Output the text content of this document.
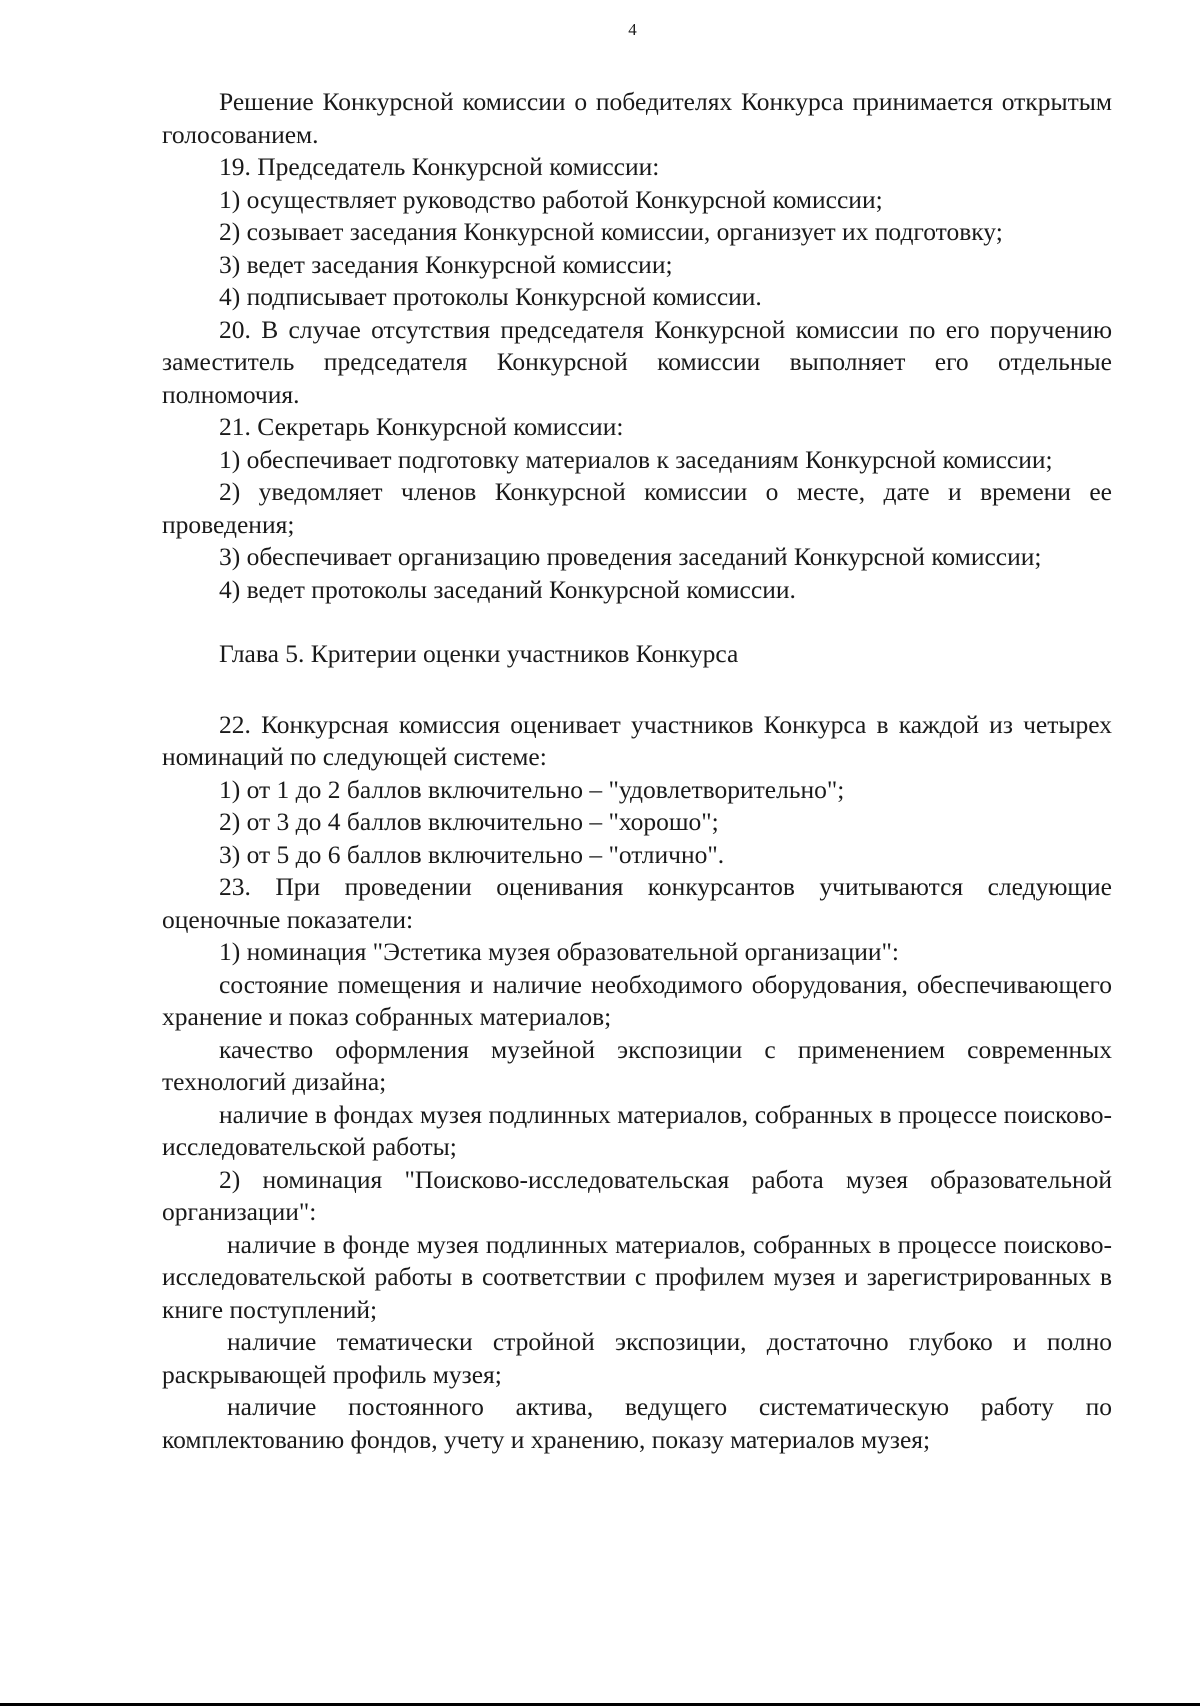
4

Решение Конкурсной комиссии о победителях Конкурса принимается открытым голосованием.

19. Председатель Конкурсной комиссии:

1) осуществляет руководство работой Конкурсной комиссии;

2) созывает заседания Конкурсной комиссии, организует их подготовку;

3) ведет заседания Конкурсной комиссии;

4) подписывает протоколы Конкурсной комиссии.

20. В случае отсутствия председателя Конкурсной комиссии по его поручению заместитель председателя Конкурсной комиссии выполняет его отдельные полномочия.

21. Секретарь Конкурсной комиссии:

1) обеспечивает подготовку материалов к заседаниям Конкурсной комиссии;

2) уведомляет членов Конкурсной комиссии о месте, дате и времени ее проведения;

3) обеспечивает организацию проведения заседаний Конкурсной комиссии;

4) ведет протоколы заседаний Конкурсной комиссии.

Глава 5. Критерии оценки участников Конкурса

22. Конкурсная комиссия оценивает участников Конкурса в каждой из четырех номинаций по следующей системе:

1) от 1 до 2 баллов включительно – "удовлетворительно";

2) от 3 до 4 баллов включительно – "хорошо";

3) от 5 до 6 баллов включительно – "отлично".

23. При проведении оценивания конкурсантов учитываются следующие оценочные показатели:

1) номинация "Эстетика музея образовательной организации":

состояние помещения и наличие необходимого оборудования, обеспечивающего хранение и показ собранных материалов;

качество оформления музейной экспозиции с применением современных технологий дизайна;

наличие в фондах музея подлинных материалов, собранных в процессе поисково-исследовательской работы;

2) номинация "Поисково-исследовательская работа музея образовательной организации":

наличие в фонде музея подлинных материалов, собранных в процессе поисково-исследовательской работы в соответствии с профилем музея и зарегистрированных в книге поступлений;

наличие тематически стройной экспозиции, достаточно глубоко и полно раскрывающей профиль музея;

наличие постоянного актива, ведущего систематическую работу по комплектованию фондов, учету и хранению, показу материалов музея;
